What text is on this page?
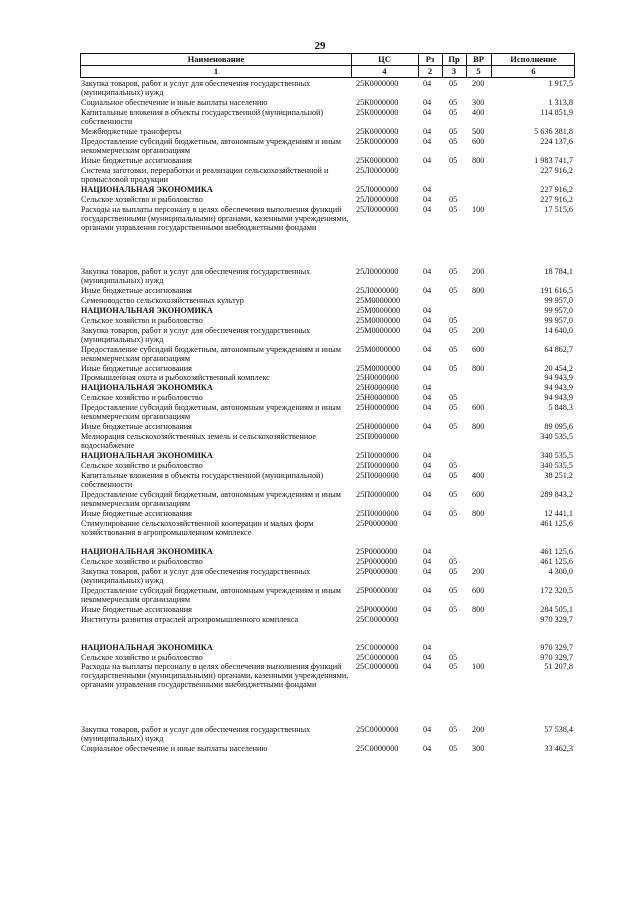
29
Наименование	ЦС	Рз	Пр	ВР	Исполнение
1	4	2	3	5	6
Закупка товаров, работ и услуг для обеспечения государственных (муниципальных) нужд
25К0000000	04 05 200	1 917,5
Социальное обеспечение и иные выплаты населению	25К0000000	04 05 300	1 313,8
Капитальные вложения в объекты государственной (муниципальной) собственности
25К0000000	04 05 400	114 851,9
Межбюджетные трансферты	25К0000000	04 05 500	5 636 381,8
Предоставление субсидий бюджетным, автономным учреждениям и иным некоммерческим организациям
25К0000000	04 05 600	224 137,6
Иные бюджетные ассигнования	25К0000000	04 05 800	1 983 741,7
Система заготовки, переработки и реализации сельскохозяйственной и промысловой продукции
25Л0000000	227 916,2
НАЦИОНАЛЬНАЯ ЭКОНОМИКА	25Л0000000	04	227 916,2
Сельское хозяйство и рыболовство	25Л0000000	04 05	227 916,2
Расходы на выплаты персоналу в целях обеспечения выполнения функций государственными (муниципальными) органами, казенными учреждениями, органами управления государственными внебюджетными фондами
25Л0000000	04 05 100	17 515,6
Закупка товаров, работ и услуг для обеспечения государственных (муниципальных) нужд
25Л0000000	04 05 200	18 784,1
Иные бюджетные ассигнования	25Л0000000	04 05 800	191 616,5
Семеноводство сельскохозяйственных культур	25М0000000	99 957,0
НАЦИОНАЛЬНАЯ ЭКОНОМИКА	25М0000000	04	99 957,0
Сельское хозяйство и рыболовство	25М0000000	04 05	99 957,0
Закупка товаров, работ и услуг для обеспечения государственных (муниципальных) нужд
25М0000000	04 05 200	14 640,0
Предоставление субсидий бюджетным, автономным учреждениям и иным некоммерческим организациям
25М0000000	04 05 600	64 862,7
Иные бюджетные ассигнования	25М0000000	04 05 800	20 454,2
Промышленная охота и рыбохозяйственный комплекс	25Н0000000	94 943,9
НАЦИОНАЛЬНАЯ ЭКОНОМИКА	25Н0000000	04	94 943,9
Сельское хозяйство и рыболовство	25Н0000000	04 05	94 943,9
Предоставление субсидий бюджетным, автономным учреждениям и иным некоммерческим организациям
25Н0000000	04 05 600	5 848,3
Иные бюджетные ассигнования	25Н0000000	04 05 800	89 095,6
Мелиорация сельскохозяйственных земель и сельскохозяйственное водоснабжение
25П0000000	340 535,5
НАЦИОНАЛЬНАЯ ЭКОНОМИКА	25П0000000	04	340 535,5
Сельское хозяйство и рыболовство	25П0000000	04 05	340 535,5
Капитальные вложения в объекты государственной (муниципальной) собственности
25П0000000	04 05 400	38 251,2
Предоставление субсидий бюджетным, автономным учреждениям и иным некоммерческим организациям
25П0000000	04 05 600	289 843,2
Иные бюджетные ассигнования	25П0000000	04 05 800	12 441,1
Стимулирование сельскохозяйственной кооперации и малых форм хозяйствования в агропромышленном комплексе
25Р0000000	461 125,6
НАЦИОНАЛЬНАЯ ЭКОНОМИКА	25Р0000000	04	461 125,6
Сельское хозяйство и рыболовство	25Р0000000	04 05	461 125,6
Закупка товаров, работ и услуг для обеспечения государственных (муниципальных) нужд
25Р0000000	04 05 200	4 300,0
Предоставление субсидий бюджетным, автономным учреждениям и иным некоммерческим организациям
25Р0000000	04 05 600	172 320,5
Иные бюджетные ассигнования	25Р0000000	04 05 800	284 505,1
Институты развития отраслей агропромышленного комплекса	25С0000000	970 329,7
НАЦИОНАЛЬНАЯ ЭКОНОМИКА	25С0000000	04	970 329,7
Сельское хозяйство и рыболовство	25С0000000	04 05	970 329,7
Расходы на выплаты персоналу в целях обеспечения выполнения функций государственными (муниципальными) органами, казенными учреждениями, органами управления государственными внебюджетными фондами
25С0000000	04 05 100	51 207,8
Закупка товаров, работ и услуг для обеспечения государственных (муниципальных) нужд
25С0000000	04 05 200	57 538,4
Социальное обеспечение и иные выплаты населению	25С0000000	04 05 300	33 462,3
